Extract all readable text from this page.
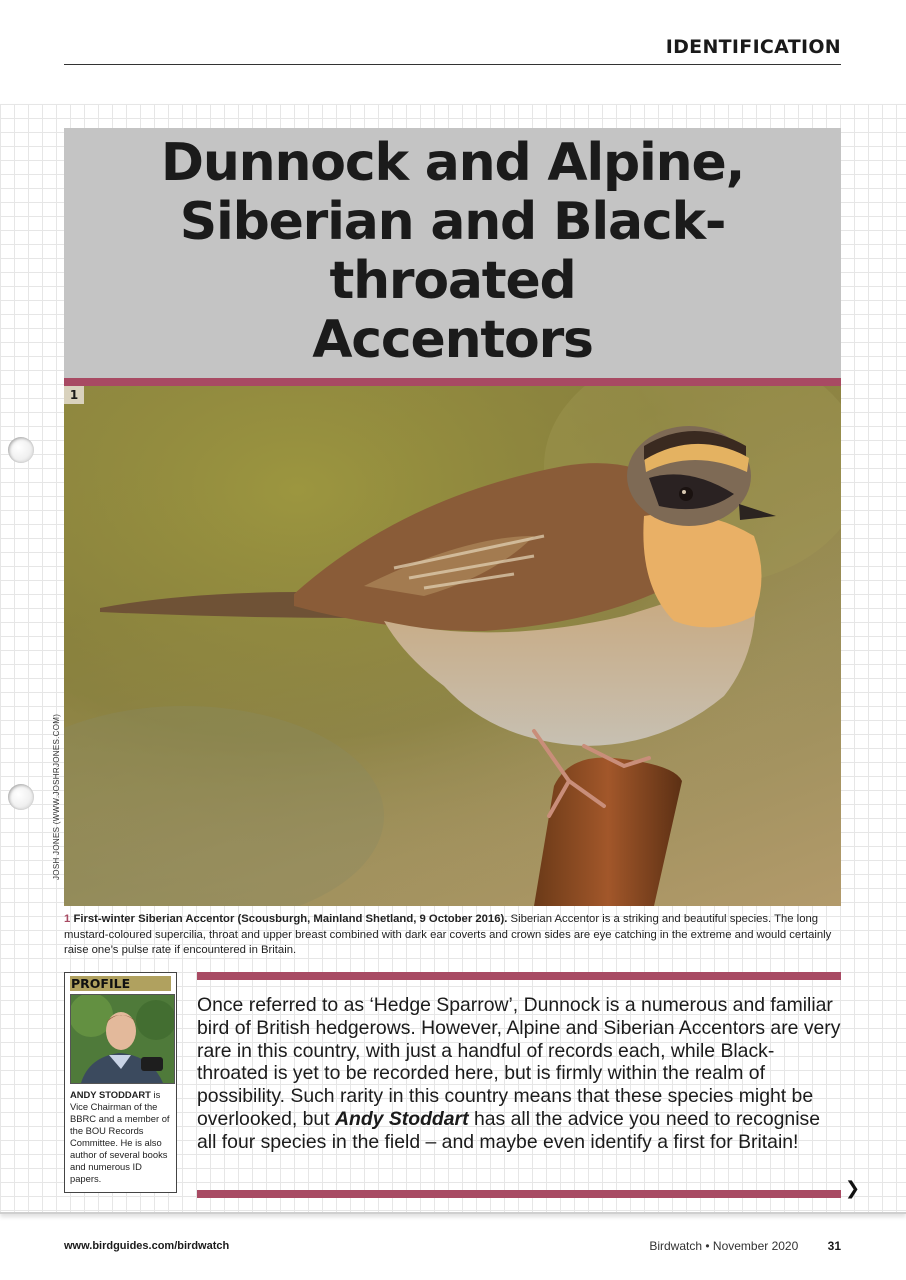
IDENTIFICATION
Dunnock and Alpine,
Siberian and Black-throated
Accentors
1
JOSH JONES (WWW.JOSHRJONES.COM)
1 First-winter Siberian Accentor (Scousburgh, Mainland Shetland, 9 October 2016). Siberian Accentor is a striking and beautiful species. The long mustard-coloured supercilia, throat and upper breast combined with dark ear coverts and crown sides are eye catching in the extreme and would certainly raise one’s pulse rate if encountered in Britain.
PROFILE
ANDY STODDART is Vice Chairman of the BBRC and a member of the BOU Records Committee. He is also author of several books and numerous ID papers.
Once referred to as ‘Hedge Sparrow’, Dunnock is a numerous and familiar bird of British hedgerows. However, Alpine and Siberian Accentors are very rare in this country, with just a handful of records each, while Black-throated is yet to be recorded here, but is firmly within the realm of possibility. Such rarity in this country means that these species might be overlooked, but Andy Stoddart has all the advice you need to recognise all four species in the field – and maybe even identify a first for Britain!
❯
www.birdguides.com/birdwatch	Birdwatch • November 2020 31
